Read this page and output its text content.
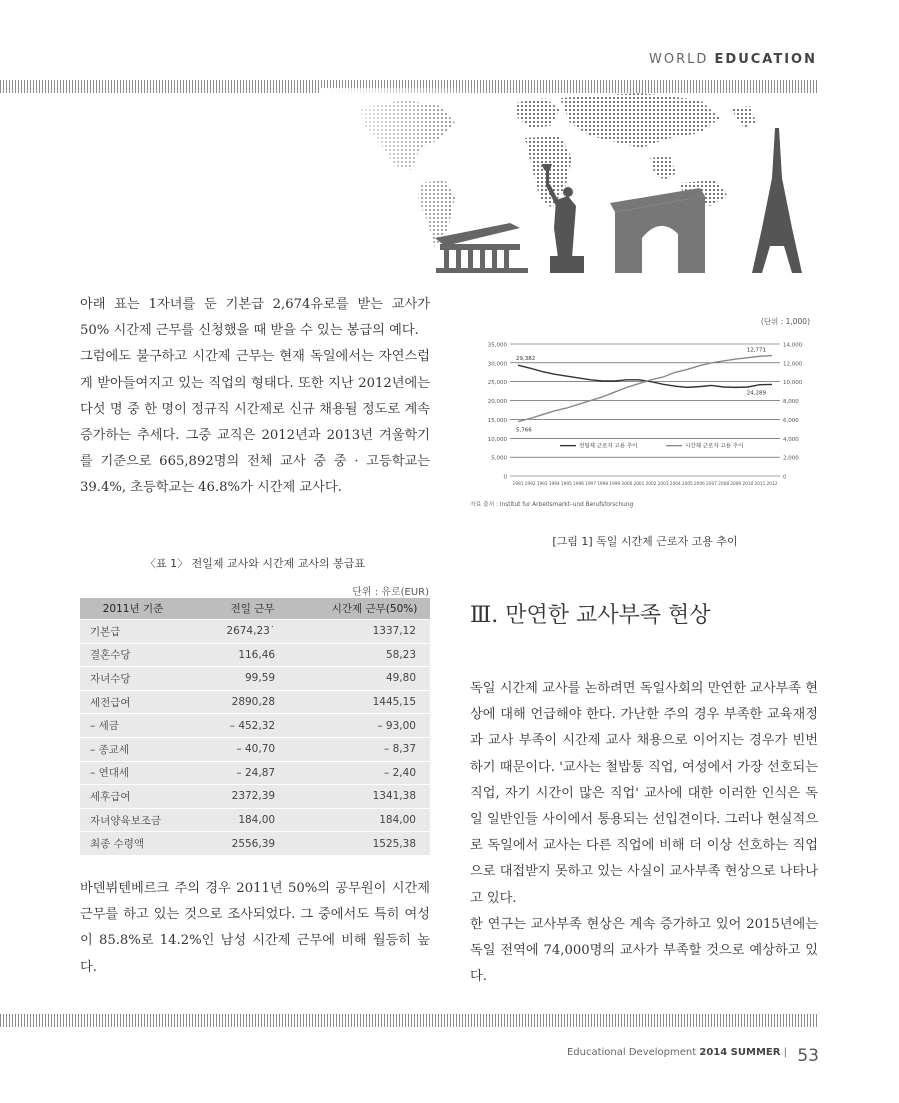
WORLD EDUCATION

아래 표는 1자녀를 둔 기본급 2,674유로를 받는 교사가 50% 시간제 근무를 신청했을 때 받을 수 있는 봉급의 예다.

그럼에도 불구하고 시간제 근무는 현재 독일에서는 자연스럽게 받아들여지고 있는 직업의 형태다. 또한 지난 2012년에는 다섯 명 중 한 명이 정규직 시간제로 신규 채용될 정도로 계속 증가하는 추세다. 그중 교직은 2012년과 2013년 겨울학기를 기준으로 665,892명의 전체 교사 중 중 · 고등학교는 39.4%, 초등학교는 46.8%가 시간제 교사다.

〈표 1〉 전일제 교사와 시간제 교사의 봉급표
단위 : 유로(EUR)
2011년 기준	전일 근무	시간제 근무(50%)
기본급	2674,23˙	1337,12
결혼수당	116,46	58,23
자녀수당	99,59	49,80
세전급여	2890,28	1445,15
– 세금	– 452,32	– 93,00
– 종교세	– 40,70	– 8,37
– 연대세	– 24,87	– 2,40
세후급여	2372,39	1341,38
자녀양육보조금	184,00	184,00
최종 수령액	2556,39	1525,38

바덴뷔텐베르크 주의 경우 2011년 50%의 공무원이 시간제 근무를 하고 있는 것으로 조사되었다. 그 중에서도 특히 여성이 85.8%로 14.2%인 남성 시간제 근무에 비해 월등히 높다.

(단위 : 1,000)
35,000
30,000
25,000
20,000
15,000
10,000
5,000
0
14,000
12,000
10,000
8,000
6,000
4,000
2,000
0
1991 1992 1993 1994 1995 1996 1997 1998 1999 2000 2001 2002 2003 2004 2005 2006 2007 2008 2009 2010 2011 2012
29,382
5,766
24,289
12,771
전일제 근로자 고용 추이	시간제 근로자 고용 추이
자료 출처 : Institut fur Arbeitsmarkt–und Berufsforschung
[그림 1] 독일 시간제 근로자 고용 추이
Ⅲ. 만연한 교사부족 현상

독일 시간제 교사를 논하려면 독일사회의 만연한 교사부족 현상에 대해 언급해야 한다. 가난한 주의 경우 부족한 교육재정과 교사 부족이 시간제 교사 채용으로 이어지는 경우가 빈번하기 때문이다. '교사는 철밥통 직업, 여성에서 가장 선호되는 직업, 자기 시간이 많은 직업' 교사에 대한 이러한 인식은 독일 일반인들 사이에서 통용되는 선입견이다. 그러나 현실적으로 독일에서 교사는 다른 직업에 비해 더 이상 선호하는 직업으로 대접받지 못하고 있는 사실이 교사부족 현상으로 나타나고 있다.

한 연구는 교사부족 현상은 계속 증가하고 있어 2015년에는 독일 전역에 74,000명의 교사가 부족할 것으로 예상하고 있다.

Educational Development 2014 SUMMER | 53
